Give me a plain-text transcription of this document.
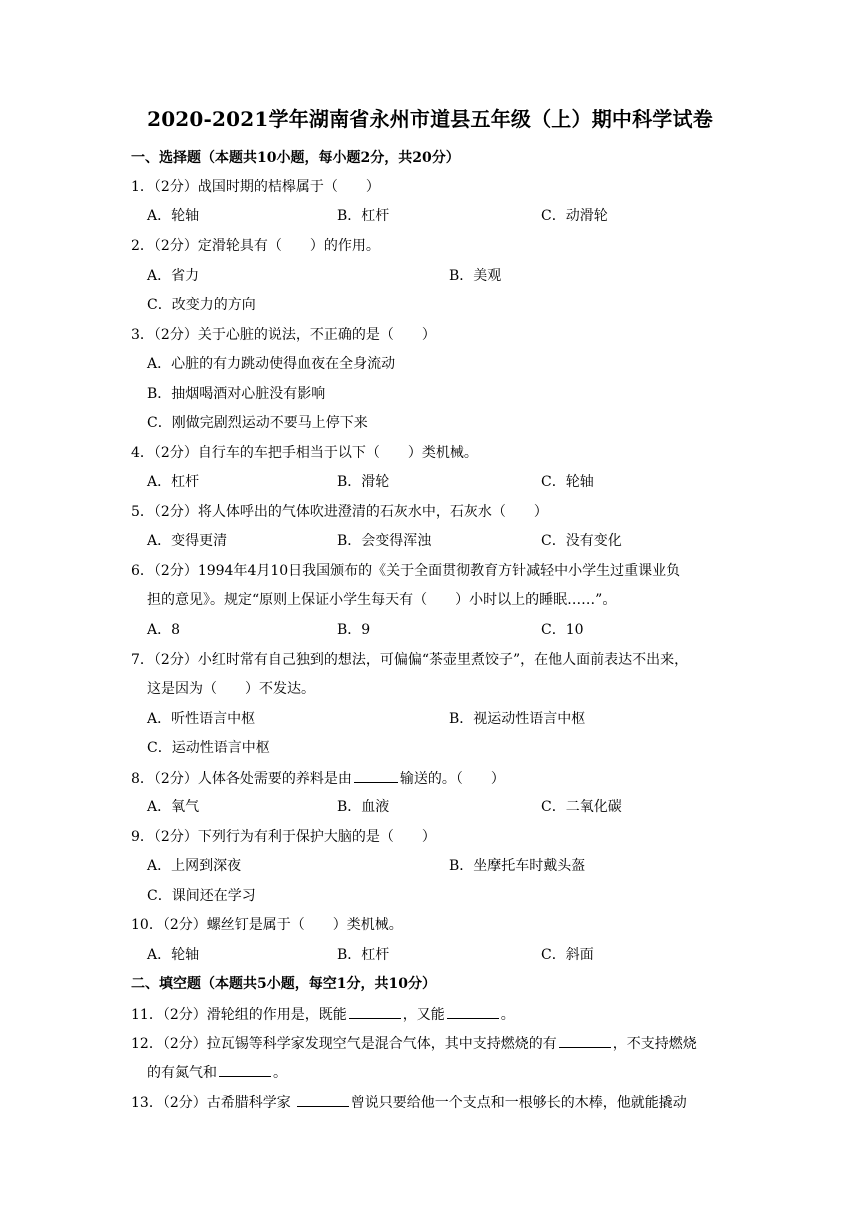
2020-2021学年湖南省永州市道县五年级（上）期中科学试卷
一、选择题（本题共10小题，每小题2分，共20分）
1．（2分）战国时期的桔槔属于（　　）
A．轮轴	B．杠杆	C．动滑轮
2．（2分）定滑轮具有（　　）的作用。
A．省力	B．美观
C．改变力的方向
3．（2分）关于心脏的说法，不正确的是（　　）
A．心脏的有力跳动使得血夜在全身流动
B．抽烟喝酒对心脏没有影响
C．刚做完剧烈运动不要马上停下来
4．（2分）自行车的车把手相当于以下（　　）类机械。
A．杠杆	B．滑轮	C．轮轴
5．（2分）将人体呼出的气体吹进澄清的石灰水中，石灰水（　　）
A．变得更清	B．会变得浑浊	C．没有变化
6．（2分）1994年4月10日我国颁布的《关于全面贯彻教育方针减轻中小学生过重课业负
担的意见》。规定“原则上保证小学生每天有（　　）小时以上的睡眠……”。
A．8	B．9	C．10
7．（2分）小红时常有自己独到的想法，可偏偏“茶壶里煮饺子”，在他人面前表达不出来，
这是因为（　　）不发达。
A．听性语言中枢	B．视运动性语言中枢
C．运动性语言中枢
8．（2分）人体各处需要的养料是由	输送的。（　　）
A．氧气	B．血液	C．二氧化碳
9．（2分）下列行为有利于保护大脑的是（　　）
A．上网到深夜	B．坐摩托车时戴头盔
C．课间还在学习
10．（2分）螺丝钉是属于（　　）类机械。
A．轮轴	B．杠杆	C．斜面
二、填空题（本题共5小题，每空1分，共10分）
11．（2分）滑轮组的作用是，既能	，又能	。
12．（2分）拉瓦锡等科学家发现空气是混合气体，其中支持燃烧的有	，不支持燃烧
的有氮气和	。
13．（2分）古希腊科学家	曾说只要给他一个支点和一根够长的木棒，他就能撬动
